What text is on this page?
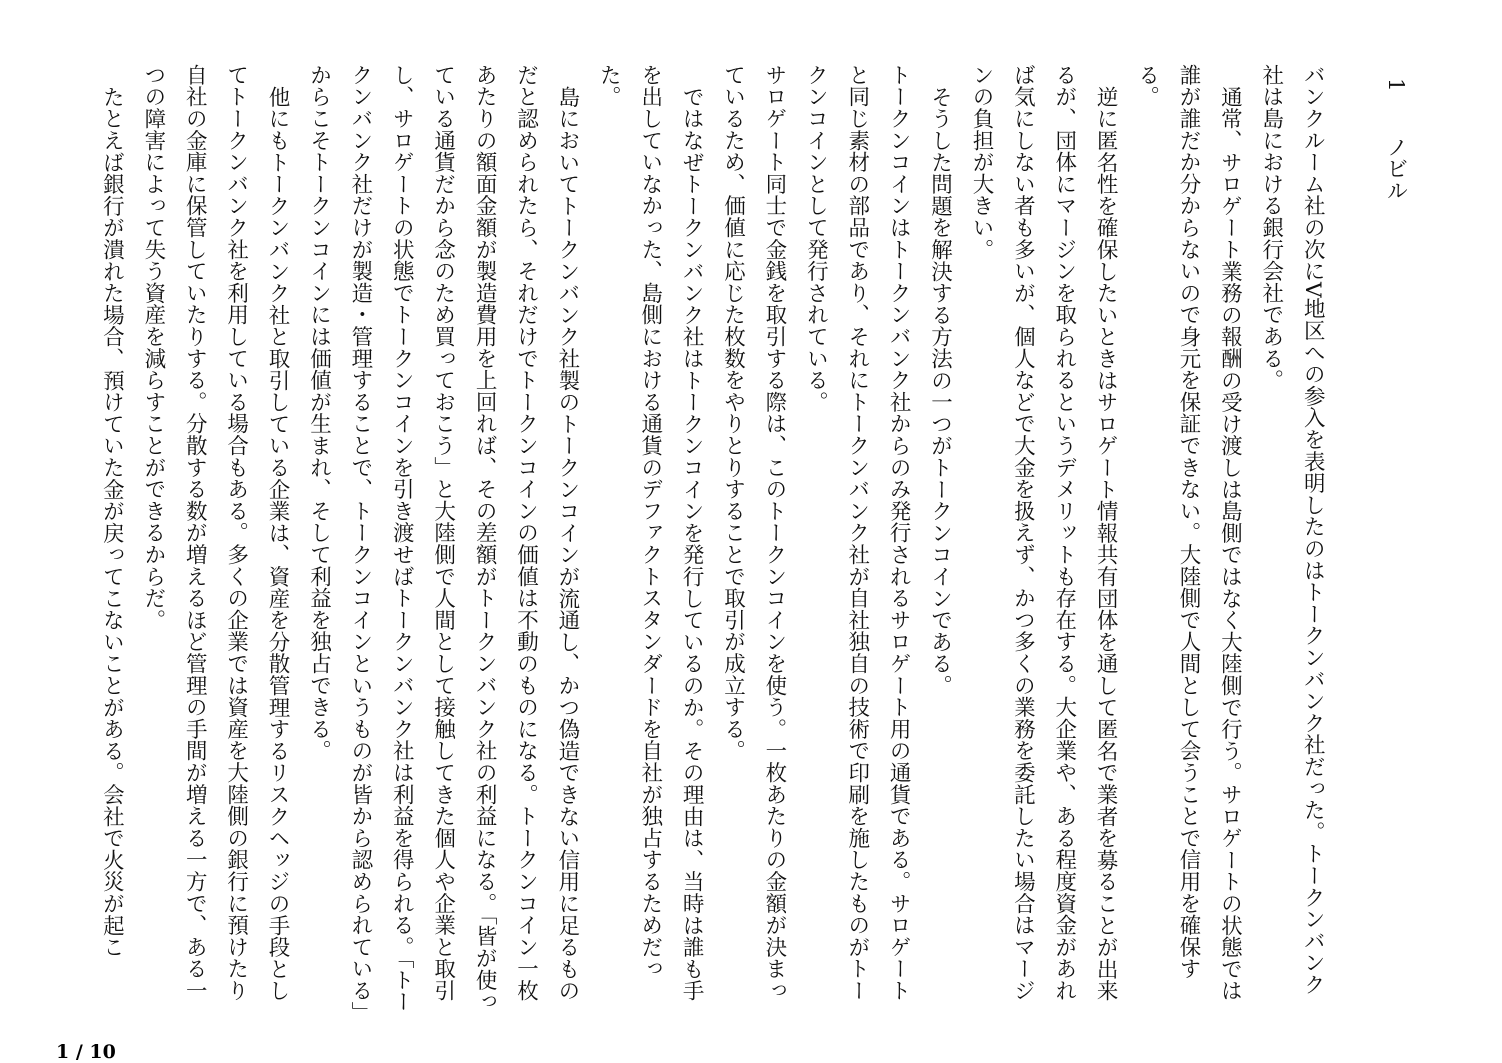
1　ノビル

バンクルーム社の次にV地区への参入を表明したのはトークンバンク社だった。トークンバンク社は島における銀行会社である。

通常、サロゲート業務の報酬の受け渡しは島側ではなく大陸側で行う。サロゲートの状態では誰が誰だか分からないので身元を保証できない。大陸側で人間として会うことで信用を確保する。

逆に匿名性を確保したいときはサロゲート情報共有団体を通して匿名で業者を募ることが出来るが、団体にマージンを取られるというデメリットも存在する。大企業や、ある程度資金があれば気にしない者も多いが、個人などで大金を扱えず、かつ多くの業務を委託したい場合はマージンの負担が大きい。

そうした問題を解決する方法の一つがトークンコインである。

トークンコインはトークンバンク社からのみ発行されるサロゲート用の通貨である。サロゲートと同じ素材の部品であり、それにトークンバンク社が自社独自の技術で印刷を施したものがトークンコインとして発行されている。

サロゲート同士で金銭を取引する際は、このトークンコインを使う。一枚あたりの金額が決まっているため、価値に応じた枚数をやりとりすることで取引が成立する。

ではなぜトークンバンク社はトークンコインを発行しているのか。その理由は、当時は誰も手を出していなかった、島側における通貨のデファクトスタンダードを自社が独占するためだった。

島においてトークンバンク社製のトークンコインが流通し、かつ偽造できない信用に足るものだと認められたら、それだけでトークンコインの価値は不動のものになる。トークンコイン一枚あたりの額面金額が製造費用を上回れば、その差額がトークンバンク社の利益になる。「皆が使っている通貨だから念のため買っておこう」と大陸側で人間として接触してきた個人や企業と取引し、サロゲートの状態でトークンコインを引き渡せばトークンバンク社は利益を得られる。「トークンバンク社だけが製造・管理することで、トークンコインというものが皆から認められている」からこそトークンコインには価値が生まれ、そして利益を独占できる。

他にもトークンバンク社と取引している企業は、資産を分散管理するリスクヘッジの手段としてトークンバンク社を利用している場合もある。多くの企業では資産を大陸側の銀行に預けたり自社の金庫に保管していたりする。分散する数が増えるほど管理の手間が増える一方で、ある一つの障害によって失う資産を減らすことができるからだ。

たとえば銀行が潰れた場合、預けていた金が戻ってこないことがある。会社で火災が起こ

1 / 10
